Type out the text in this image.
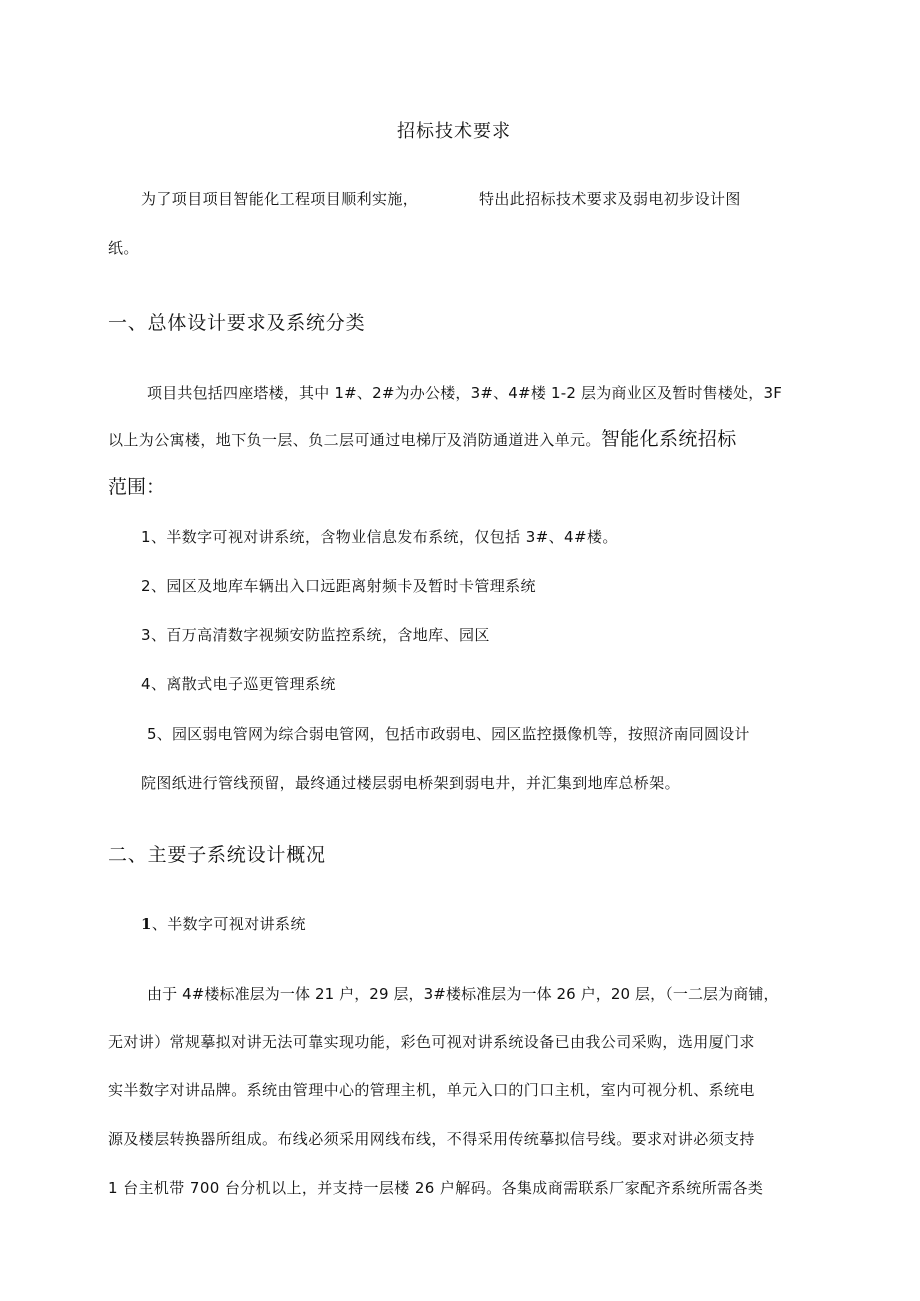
招标技术要求
为了项目项目智能化工程项目顺利实施，	特出此招标技术要求及弱电初步设计图
纸。
一、总体设计要求及系统分类
项目共包括四座塔楼，其中 1#、2#为办公楼，3#、4#楼 1-2 层为商业区及暂时售楼处，3F
以上为公寓楼，地下负一层、负二层可通过电梯厅及消防通道进入单元。智能化系统招标
范围：
1、半数字可视对讲系统，含物业信息发布系统，仅包括 3#、4#楼。
2、园区及地库车辆出入口远距离射频卡及暂时卡管理系统
3、百万高清数字视频安防监控系统，含地库、园区
4、离散式电子巡更管理系统
5、园区弱电管网为综合弱电管网，包括市政弱电、园区监控摄像机等，按照济南同圆设计
院图纸进行管线预留，最终通过楼层弱电桥架到弱电井，并汇集到地库总桥架。
二、主要子系统设计概况
1、半数字可视对讲系统
由于 4#楼标准层为一体 21 户，29 层，3#楼标准层为一体 26 户，20 层，（一二层为商铺，
无对讲）常规摹拟对讲无法可靠实现功能，彩色可视对讲系统设备已由我公司采购，选用厦门求
实半数字对讲品牌。系统由管理中心的管理主机，单元入口的门口主机，室内可视分机、系统电
源及楼层转换器所组成。布线必须采用网线布线，不得采用传统摹拟信号线。要求对讲必须支持
1 台主机带 700 台分机以上，并支持一层楼 26 户解码。各集成商需联系厂家配齐系统所需各类
